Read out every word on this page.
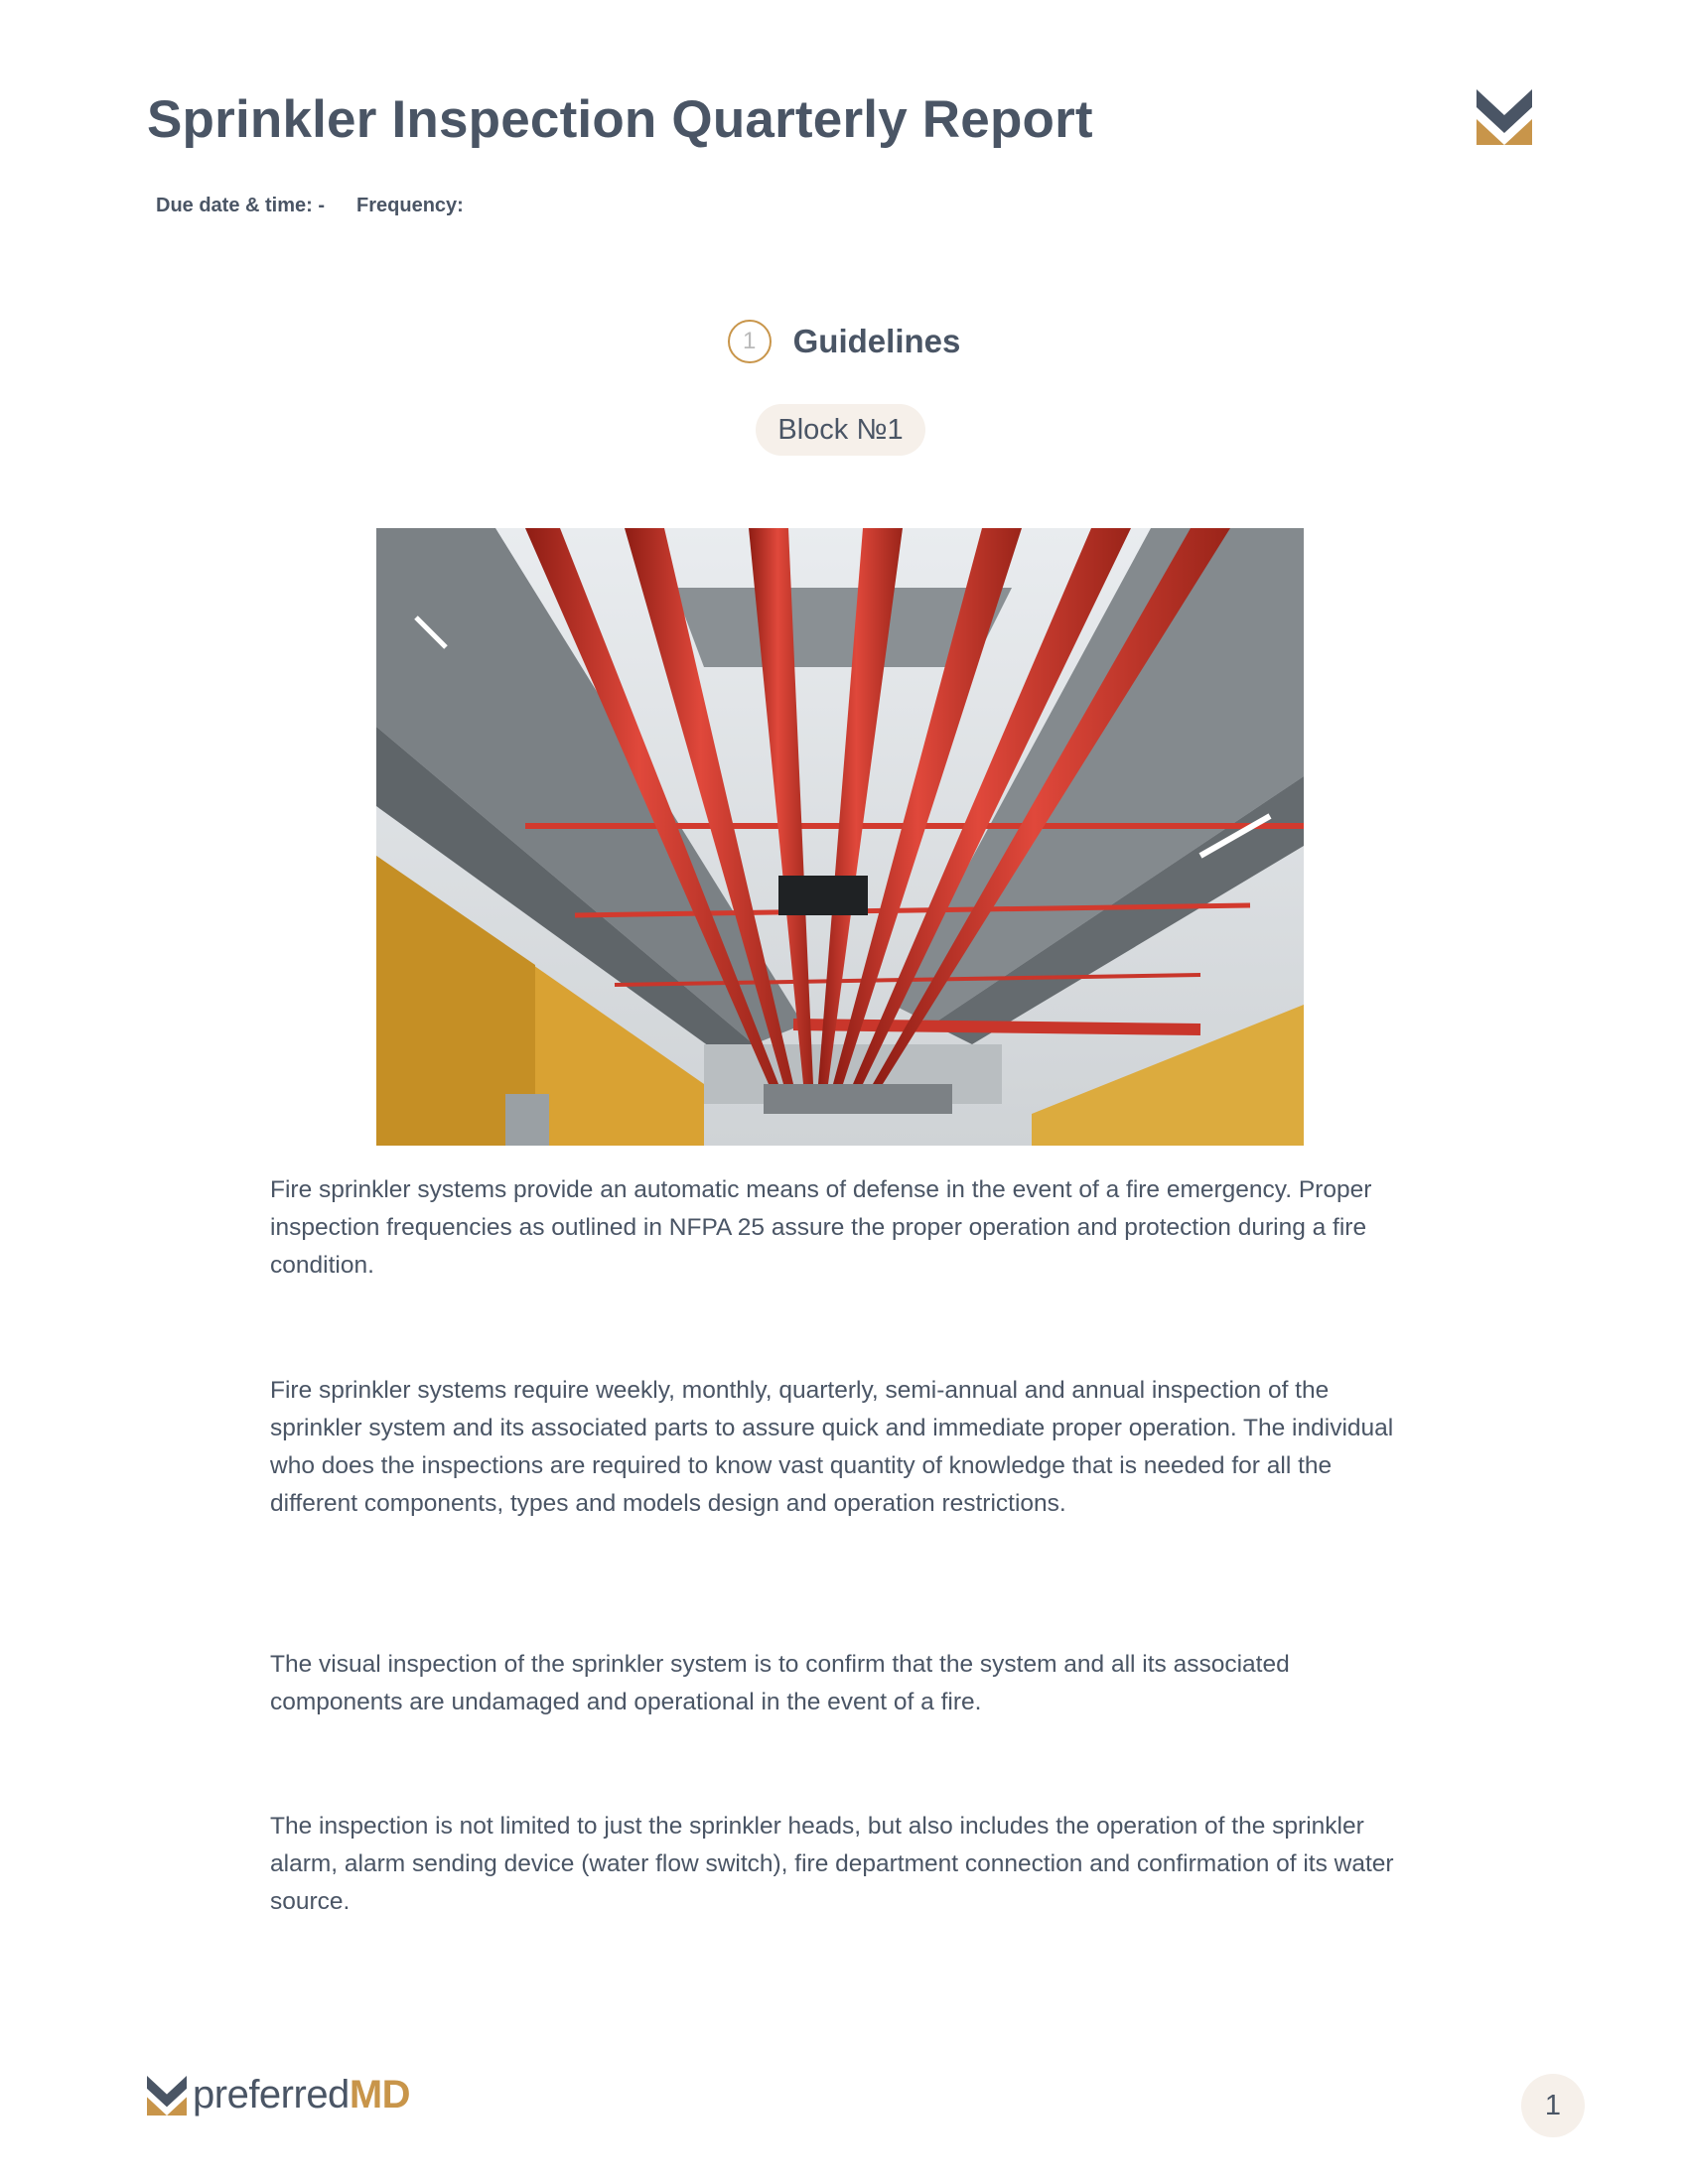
Sprinkler Inspection Quarterly Report
Due date & time: - Frequency:
1	Guidelines
Block №1

Fire sprinkler systems provide an automatic means of defense in the event of a fire emergency. Proper inspection frequencies as outlined in NFPA 25 assure the proper operation and protection during a fire condition.

Fire sprinkler systems require weekly, monthly, quarterly, semi-annual and annual inspection of the sprinkler system and its associated parts to assure quick and immediate proper operation. The individual who does the inspections are required to know vast quantity of knowledge that is needed for all the different components, types and models design and operation restrictions.

The visual inspection of the sprinkler system is to confirm that the system and all its associated components are undamaged and operational in the event of a fire.

The inspection is not limited to just the sprinkler heads, but also includes the operation of the sprinkler alarm, alarm sending device (water flow switch), fire department connection and confirmation of its water source.

preferredMD	1
